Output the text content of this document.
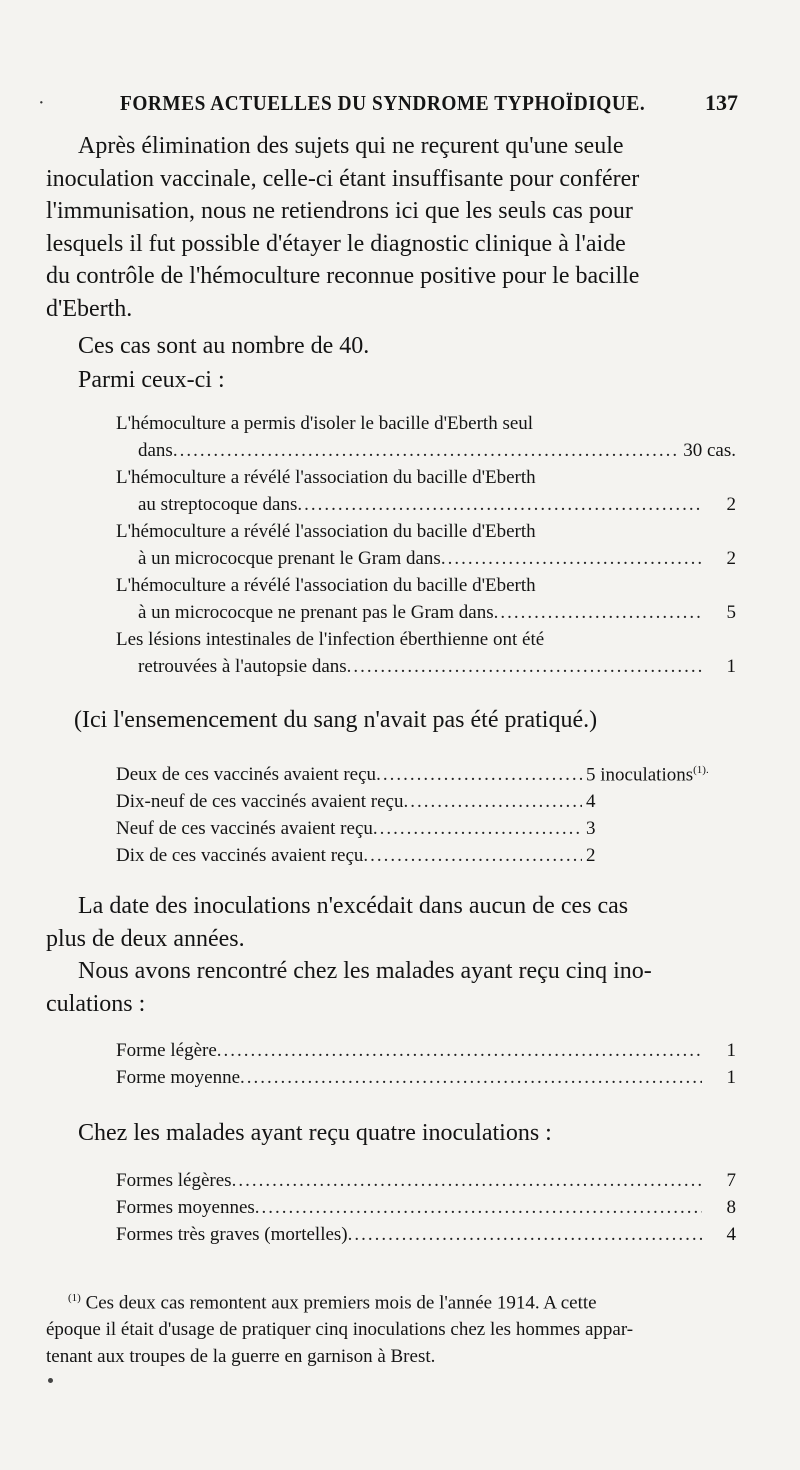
·	FORMES ACTUELLES DU SYNDROME TYPHOÏDIQUE.	137

Après élimination des sujets qui ne reçurent qu'une seule
inoculation vaccinale, celle-ci étant insuffisante pour conférer
l'immunisation, nous ne retiendrons ici que les seuls cas pour
lesquels il fut possible d'étayer le diagnostic clinique à l'aide
du contrôle de l'hémoculture reconnue positive pour le bacille
d'Eberth.

Ces cas sont au nombre de 40.

Parmi ceux-ci :

L'hémoculture a permis d'isoler le bacille d'Eberth seul
dans .....	30 cas.
L'hémoculture a révélé l'association du bacille d'Eberth
au streptocoque dans .....	2
L'hémoculture a révélé l'association du bacille d'Eberth
à un micrococque prenant le Gram dans .....	2
L'hémoculture a révélé l'association du bacille d'Eberth
à un micrococque ne prenant pas le Gram dans .....	5
Les lésions intestinales de l'infection éberthienne ont été
retrouvées à l'autopsie dans .....	1

(Ici l'ensemencement du sang n'avait pas été pratiqué.)

Deux de ces vaccinés avaient reçu .....	5 inoculations$^{(1).}$
Dix-neuf de ces vaccinés avaient reçu .....	4
Neuf de ces vaccinés avaient reçu .....	3
Dix de ces vaccinés avaient reçu .....	2

La date des inoculations n'excédait dans aucun de ces cas
plus de deux années.

Nous avons rencontré chez les malades ayant reçu cinq ino-
culations :

Forme légère .....	1
Forme moyenne .....	1

Chez les malades ayant reçu quatre inoculations :

Formes légères .....	7
Formes moyennes .....	8
Formes très graves (mortelles) .....	4
$^{(1)}$ Ces deux cas remontent aux premiers mois de l'année 1914. A cette
époque il était d'usage de pratiquer cinq inoculations chez les hommes appar-
tenant aux troupes de la guerre en garnison à Brest.
